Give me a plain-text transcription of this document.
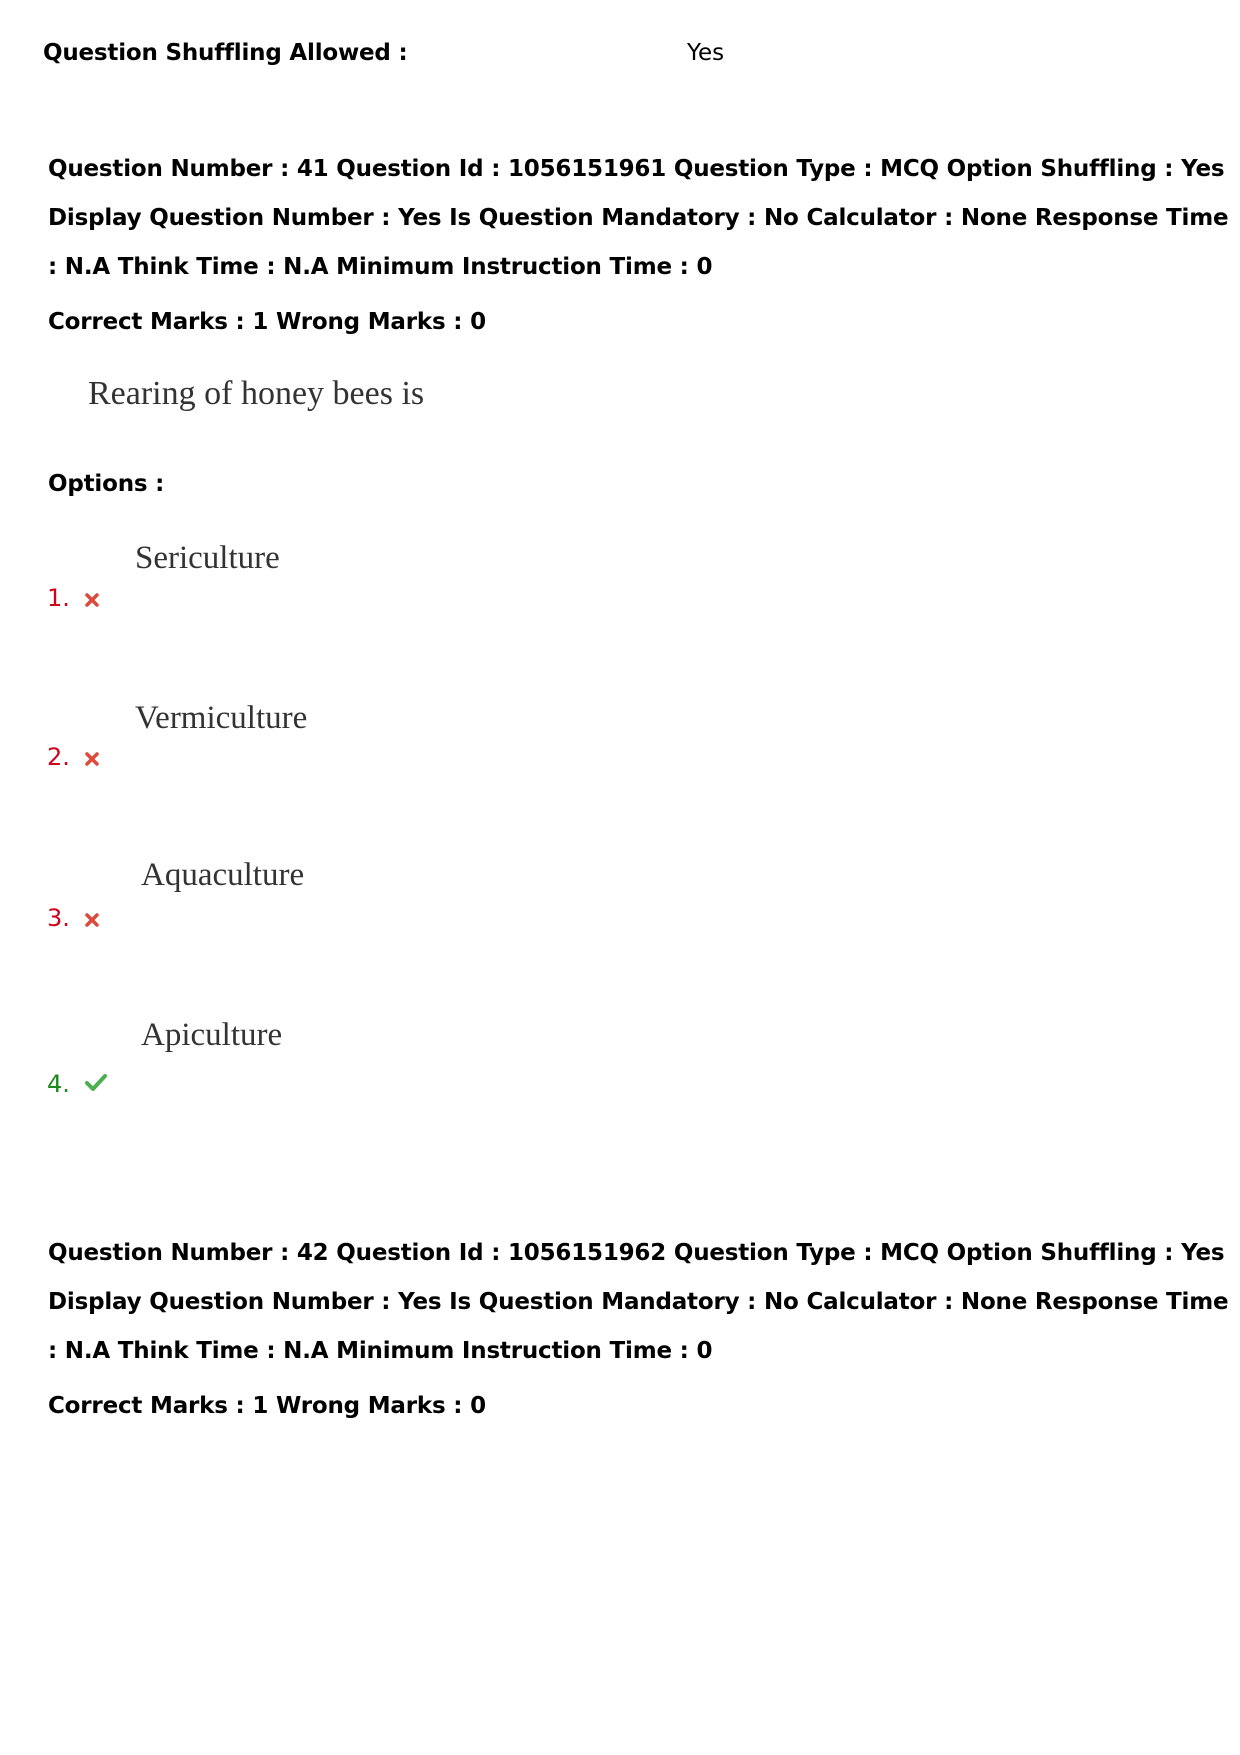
Question Shuffling Allowed :	Yes
Question Number : 41 Question Id : 1056151961 Question Type : MCQ Option Shuffling : Yes
Display Question Number : Yes Is Question Mandatory : No Calculator : None Response Time
: N.A Think Time : N.A Minimum Instruction Time : 0
Correct Marks : 1 Wrong Marks : 0
Rearing of honey bees is
Options :
Sericulture
1.
Vermiculture
2.
Aquaculture
3.
Apiculture
4.
Question Number : 42 Question Id : 1056151962 Question Type : MCQ Option Shuffling : Yes
Display Question Number : Yes Is Question Mandatory : No Calculator : None Response Time
: N.A Think Time : N.A Minimum Instruction Time : 0
Correct Marks : 1 Wrong Marks : 0
